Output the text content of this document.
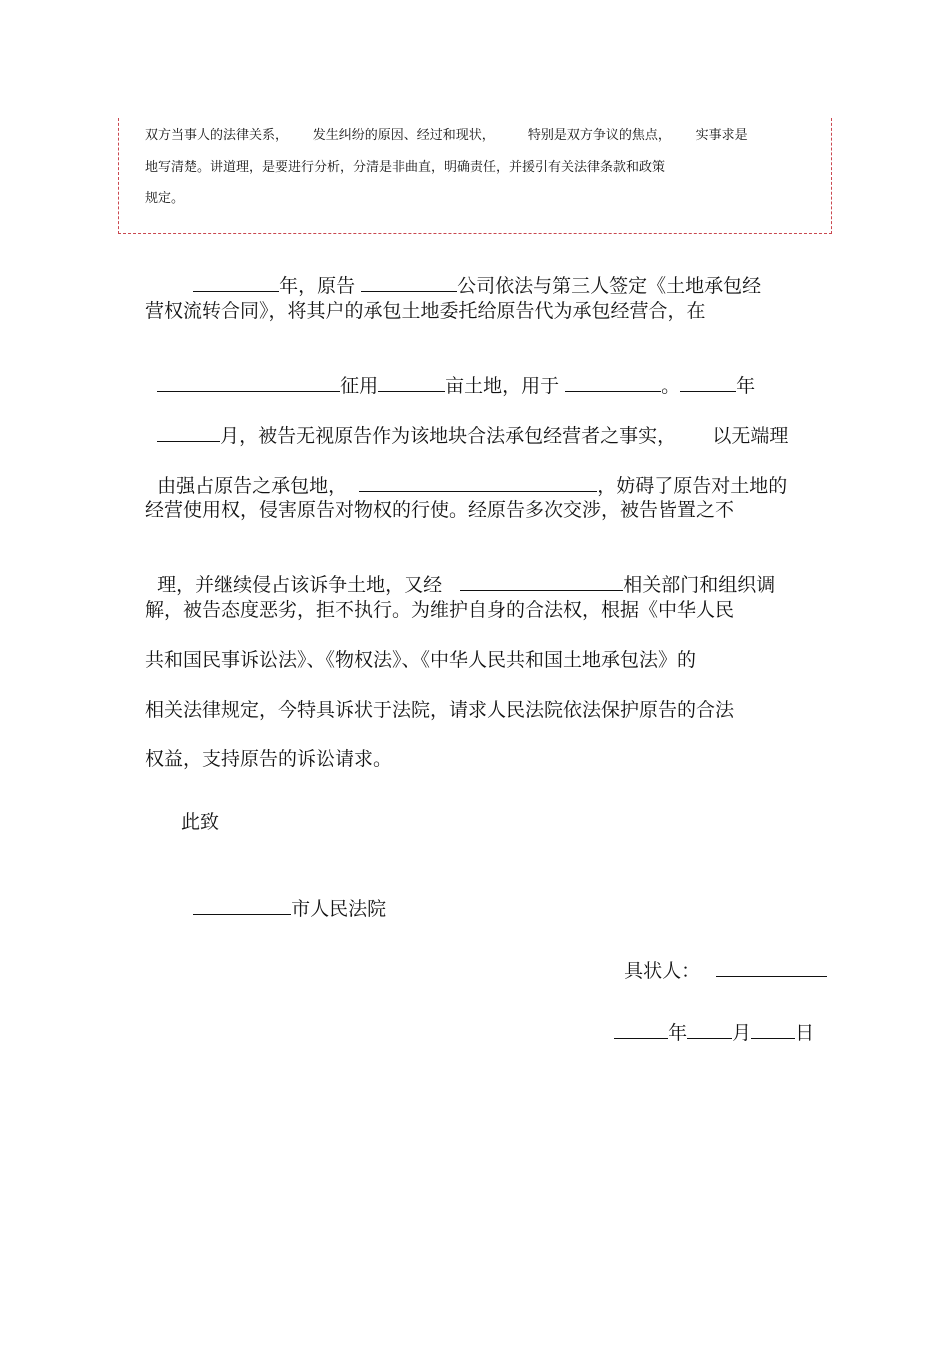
双方当事人的法律关系，      发生纠纷的原因、经过和现状，        特别是双方争议的焦点，      实事求是
地写清楚。讲道理，是要进行分析，分清是非曲直，明确责任，并援引有关法律条款和政策
规定。

年，原告	公司依法与第三人签定《土地承包经

营权流转合同》，将其户的承包土地委托给原告代为承包经营合，在

征用	亩土地，用于	。	年

月，被告无视原告作为该地块合法承包经营者之事实，      以无端理

由强占原告之承包地，	，妨碍了原告对土地的

经营使用权，侵害原告对物权的行使。经原告多次交涉，被告皆置之不

理，并继续侵占该诉争土地，又经	相关部门和组织调

解，被告态度恶劣，拒不执行。为维护自身的合法权，根据《中华人民
共和国民事诉讼法》、《物权法》、《中华人民共和国土地承包法》的
相关法律规定，今特具诉状于法院，请求人民法院依法保护原告的合法
权益，支持原告的诉讼请求。
此致

市人民法院

具状人：

年 月 日
